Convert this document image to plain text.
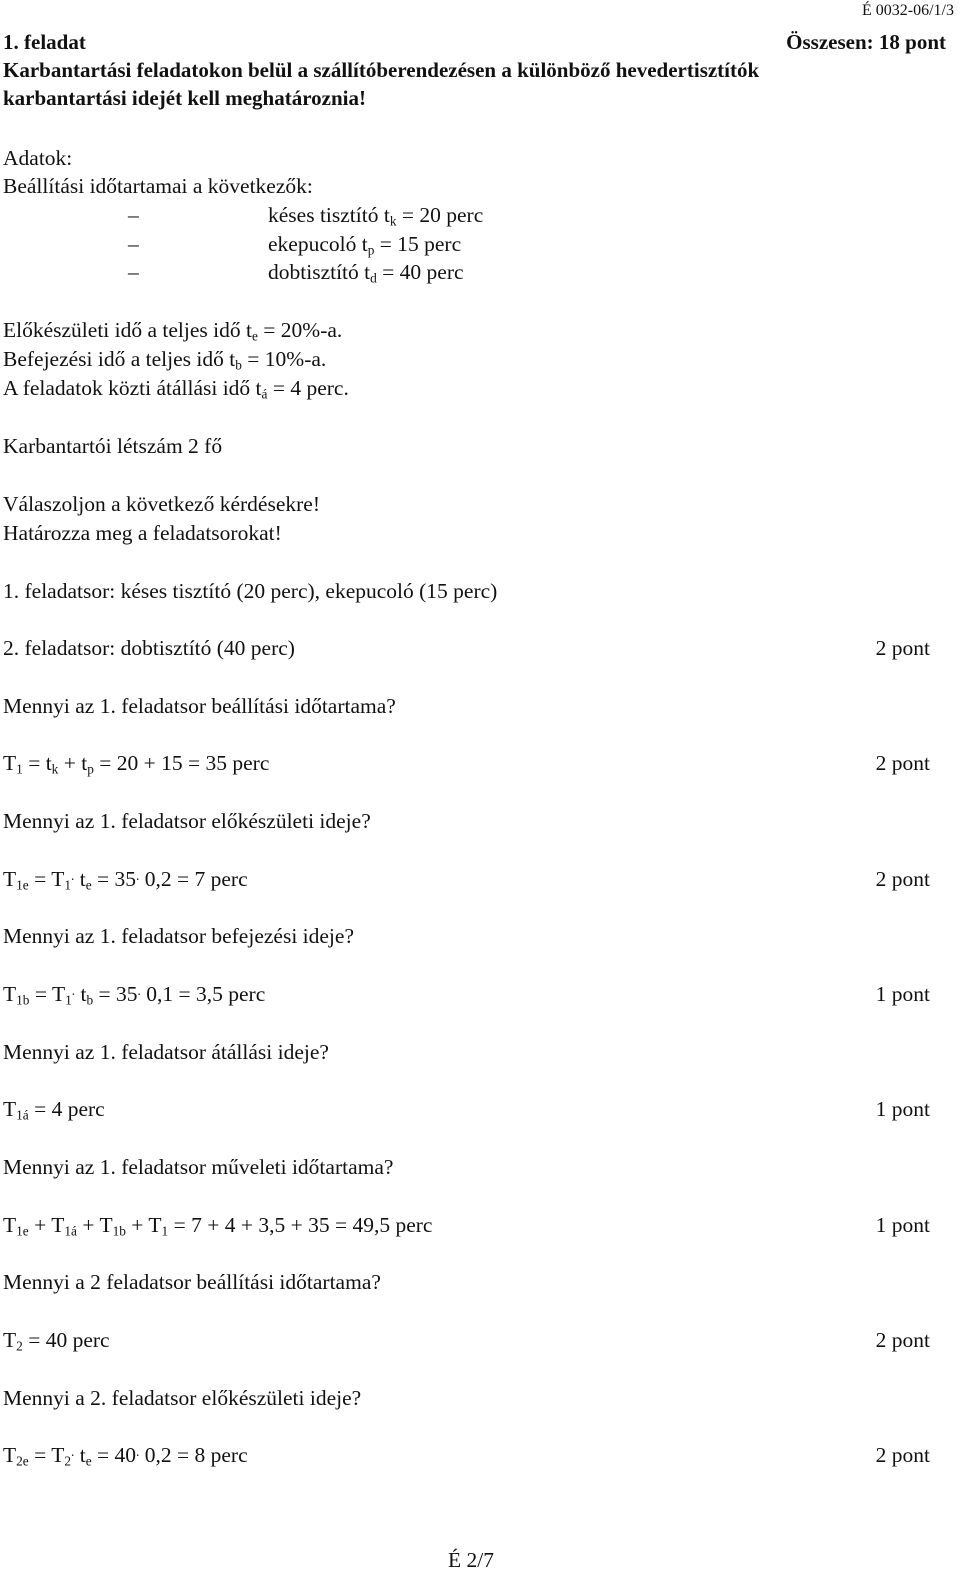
É 0032-06/1/3
1. feladat	Összesen: 18 pont
Karbantartási feladatokon belül a szállítóberendezésen a különböző hevedertisztítók
karbantartási idejét kell meghatároznia!
Adatok:
Beállítási időtartamai a következők:
–	késes tisztító $t_k = 20$ perc
–	ekepucoló $t_p = 15$ perc
–	dobtisztító $t_d = 40$ perc
Előkészületi idő a teljes idő $t_e = 20\%-a$.
Befejezési idő a teljes idő $t_b = 10\%-a$.
A feladatok közti átállási idő $t_á = 4$ perc.
Karbantartói létszám 2 fő
Válaszoljon a következő kérdésekre!
Határozza meg a feladatsorokat!
1. feladatsor: késes tisztító (20 perc), ekepucoló (15 perc)
2. feladatsor: dobtisztító (40 perc)	2 pont
Mennyi az 1. feladatsor beállítási időtartama?
$T_1 = t_k + t_p = 20 + 15 = 35$ perc	2 pont
Mennyi az 1. feladatsor előkészületi ideje?
$T_{1e} = T_1^.$ $t_e = 35^.$ 0,2 = 7 perc	2 pont
Mennyi az 1. feladatsor befejezési ideje?
$T_{1b} = T_1^.$ $t_b = 35^.$ 0,1 = 3,5 perc	1 pont
Mennyi az 1. feladatsor átállási ideje?
$T_{1á} = 4$ perc	1 pont
Mennyi az 1. feladatsor műveleti időtartama?
$T_{1e} + T_{1á} + T_{1b} + T_1 = 7 + 4 + 3,5 + 35 = 49,5$ perc	1 pont
Mennyi a 2 feladatsor beállítási időtartama?
$T_2 = 40$ perc	2 pont
Mennyi a 2. feladatsor előkészületi ideje?
$T_{2e} = T_2^.$ $t_e = 40^.$ 0,2 = 8 perc	2 pont
É 2/7
